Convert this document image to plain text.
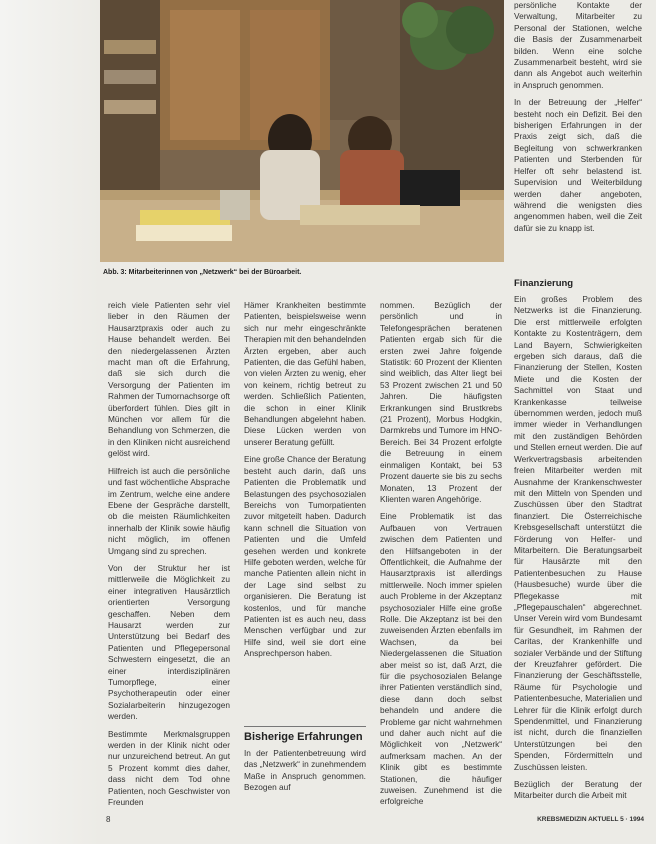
Abb. 3: Mitarbeiterinnen von „Netzwerk“ bei der Büroarbeit.

reich viele Patienten sehr viel lieber in den Räumen der Hausarztpraxis oder auch zu Hause behandelt werden. Bei den niedergelassenen Ärzten macht man oft die Erfahrung, daß sie sich durch die Versorgung der Patienten im Rahmen der Tumornachsorge oft überfordert fühlen. Dies gilt in München vor allem für die Behandlung von Schmerzen, die in den Kliniken nicht ausreichend gelöst wird.

Hilfreich ist auch die persönliche und fast wöchentliche Absprache im Zentrum, welche eine andere Ebene der Gespräche darstellt, ob die meisten Räumlichkeiten innerhalb der Klinik sowie häufig nicht möglich, im offenen Umgang sind zu sprechen.

Von der Struktur her ist mittlerweile die Möglichkeit zu einer integrativen Hausärztlich orientierten Versorgung geschaffen. Neben dem Hausarzt werden zur Unterstützung bei Bedarf des Patienten und Pflegepersonal Schwestern eingesetzt, die an einer interdisziplinären Tumorpflege, einer Psychotherapeutin oder einer Sozialarbeiterin hinzugezogen werden.

Bestimmte Merkmalsgruppen werden in der Klinik nicht oder nur unzureichend betreut. An gut 5 Prozent kommt dies daher, dass nicht dem Tod ohne Patienten, noch Geschwister von Freunden

Hämer Krankheiten bestimmte Patienten, beispielsweise wenn sich nur mehr eingeschränkte Therapien mit den behandelnden Ärzten ergeben, aber auch Patienten, die das Gefühl haben, von vielen Ärzten zu wenig, eher von keinem, richtig betreut zu werden. Schließlich Patienten, die schon in einer Klinik Behandlungen abgelehnt haben. Diese Lücken werden von unserer Beratung gefüllt.

Eine große Chance der Beratung besteht auch darin, daß uns Patienten die Problematik und Belastungen des psychosozialen Bereichs von Tumorpatienten zuvor mitgeteilt haben. Dadurch kann schnell die Situation von Patienten und die Umfeld gesehen werden und konkrete Hilfe geboten werden, welche für manche Patienten allein nicht in der Lage sind selbst zu organisieren. Die Beratung ist kostenlos, und für manche Patienten ist es auch neu, dass Menschen verfügbar und zur Hilfe sind, weil sie dort eine Ansprechperson haben.

Bisherige Erfahrungen

In der Patientenbetreuung wird das „Netzwerk“ in zunehmendem Maße in Anspruch genommen. Bezogen auf

nommen. Bezüglich der persönlich und in Telefongesprächen beratenen Patienten ergab sich für die ersten zwei Jahre folgende Statistik: 60 Prozent der Klienten sind weiblich, das Alter liegt bei 53 Prozent zwischen 21 und 50 Jahren. Die häufigsten Erkrankungen sind Brustkrebs (21 Prozent), Morbus Hodgkin, Darmkrebs und Tumore im HNO-Bereich. Bei 34 Prozent erfolgte die Betreuung in einem einmaligen Kontakt, bei 53 Prozent dauerte sie bis zu sechs Monaten, 13 Prozent der Klienten waren Angehörige.

Eine Problematik ist das Aufbauen von Vertrauen zwischen dem Patienten und den Hilfsangeboten in der Öffentlichkeit, die Aufnahme der Hausarztpraxis ist allerdings mittlerweile. Noch immer spielen auch Probleme in der Akzeptanz psychosozialer Hilfe eine große Rolle. Die Akzeptanz ist bei den zuweisenden Ärzten ebenfalls im Wachsen, da bei Niedergelassenen die Situation aber meist so ist, daß Arzt, die für die psychosozialen Belange ihrer Patienten verständlich sind, diese dann doch selbst behandeln und andere die Probleme gar nicht wahrnehmen und daher auch nicht auf die Möglichkeit von „Netzwerk“ aufmerksam machen. An der Klinik gibt es bestimmte Stationen, die häufiger zuweisen. Zunehmend ist die erfolgreiche

persönliche Kontakte der Verwaltung, Mitarbeiter zu Personal der Stationen, welche die Basis der Zusammenarbeit bilden. Wenn eine solche Zusammenarbeit besteht, wird sie dann als Angebot auch weiterhin in Anspruch genommen.

In der Betreuung der „Helfer“ besteht noch ein Defizit. Bei den bisherigen Erfahrungen in der Praxis zeigt sich, daß die Begleitung von schwerkranken Patienten und Sterbenden für Helfer oft sehr belastend ist. Supervision und Weiterbildung werden daher angeboten, während die wenigsten dies angenommen haben, weil die Zeit dafür sie zu knapp ist.

Finanzierung

Ein großes Problem des Netzwerks ist die Finanzierung. Die erst mittlerweile erfolgten Kontakte zu Kostenträgern, dem Land Bayern, Schwierigkeiten ergeben sich daraus, daß die Finanzierung der Stellen, Kosten Miete und die Kosten der Sachmittel von Staat und Krankenkasse teilweise übernommen werden, jedoch muß immer wieder in Verhandlungen mit den zuständigen Behörden und Stellen erneut werden. Die auf Werkvertragsbasis arbeitenden freien Mitarbeiter werden mit Ausnahme der Krankenschwester mit den Mitteln von Spenden und Zuschüssen über den Stadtrat finanziert. Die Österreichische Krebsgesellschaft unterstützt die Förderung von Helfer- und Mitarbeitern. Die Beratungsarbeit für Hausärzte mit den Patientenbesuchen zu Hause (Hausbesuche) wurde über die Pflegekasse mit „Pflegepauschalen“ abgerechnet. Unser Verein wird vom Bundesamt für Gesundheit, im Rahmen der Caritas, der Krankenhilfe und sozialer Verbände und der Stiftung der Kreuzfahrer gefördert. Die Finanzierung der Geschäftsstelle, Räume für Psychologie und Patientenbesuche, Materialien und Lehrer für die Klinik erfolgt durch Spendenmittel, und Finanzierung ist nicht, durch die finanziellen Unterstützungen bei den Spenden, Fördermitteln und Zuschüssen leisten.

Bezüglich der Beratung der Mitarbeiter durch die Arbeit mit

8	KREBSMEDIZIN AKTUELL 5 · 1994
